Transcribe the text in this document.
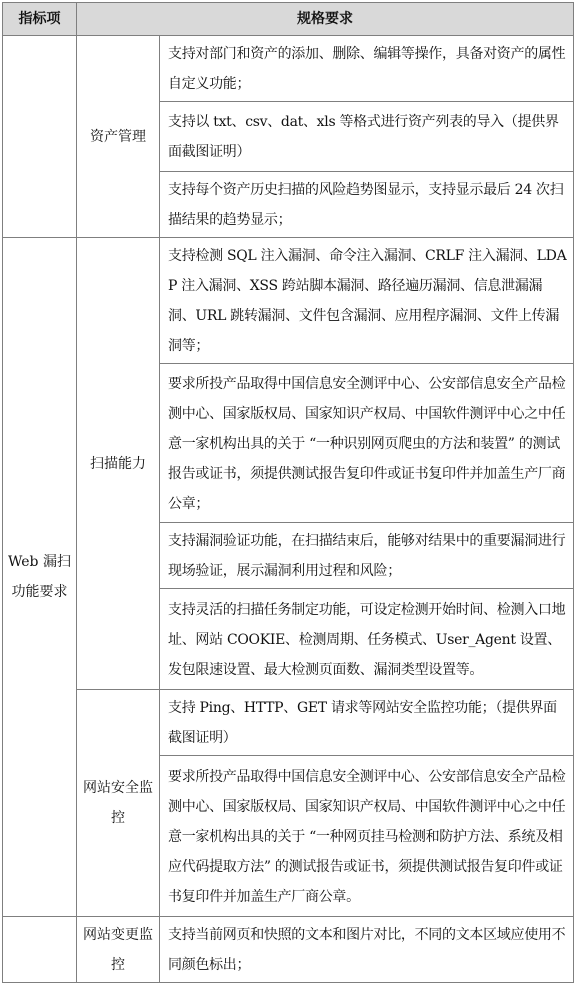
指标项	规格要求	
	资产管理	支持对部门和资产的添加、删除、编辑等操作，具备对资产的属性自定义功能；
		支持以 txt、csv、dat、xls 等格式进行资产列表的导入（提供界面截图证明）
		支持每个资产历史扫描的风险趋势图显示，支持显示最后 24 次扫描结果的趋势显示；
Web 漏扫功能要求	扫描能力	支持检测 SQL 注入漏洞、命令注入漏洞、CRLF 注入漏洞、LDAP 注入漏洞、XSS 跨站脚本漏洞、路径遍历漏洞、信息泄漏漏洞、URL 跳转漏洞、文件包含漏洞、应用程序漏洞、文件上传漏洞等；
		要求所投产品取得中国信息安全测评中心、公安部信息安全产品检测中心、国家版权局、国家知识产权局、中国软件测评中心之中任意一家机构出具的关于 “一种识别网页爬虫的方法和装置” 的测试报告或证书，须提供测试报告复印件或证书复印件并加盖生产厂商公章；
		支持漏洞验证功能，在扫描结束后，能够对结果中的重要漏洞进行现场验证，展示漏洞利用过程和风险；
		支持灵活的扫描任务制定功能，可设定检测开始时间、检测入口地址、网站 COOKIE、检测周期、任务模式、User_Agent 设置、发包限速设置、最大检测页面数、漏洞类型设置等。
	网站安全监控	支持 Ping、HTTP、GET 请求等网站安全监控功能；（提供界面截图证明）
		要求所投产品取得中国信息安全测评中心、公安部信息安全产品检测中心、国家版权局、国家知识产权局、中国软件测评中心之中任意一家机构出具的关于 “一种网页挂马检测和防护方法、系统及相应代码提取方法” 的测试报告或证书，须提供测试报告复印件或证书复印件并加盖生产厂商公章。
	网站变更监控	支持当前网页和快照的文本和图片对比，不同的文本区域应使用不同颜色标出；
